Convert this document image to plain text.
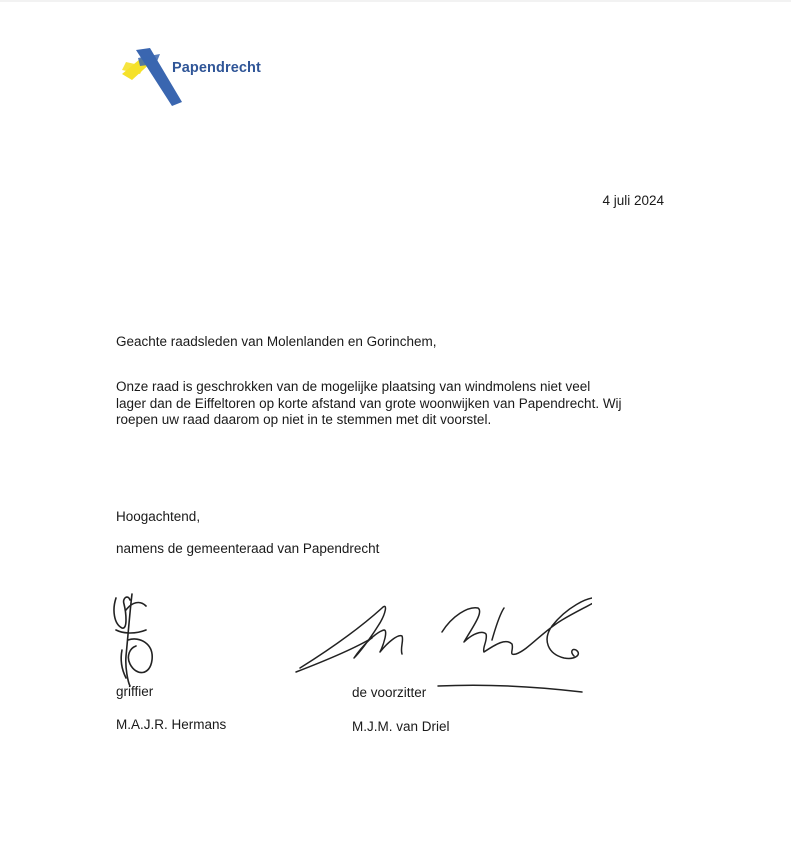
Papendrecht
4 juli 2024
Geachte raadsleden van Molenlanden en Gorinchem,
Onze raad is geschrokken van de mogelijke plaatsing van windmolens niet veel
lager dan de Eiffeltoren op korte afstand van grote woonwijken van Papendrecht. Wij
roepen uw raad daarom op niet in te stemmen met dit voorstel.
Hoogachtend,
namens de gemeenteraad van Papendrecht
griffier
M.A.J.R. Hermans
de voorzitter
M.J.M. van Driel
